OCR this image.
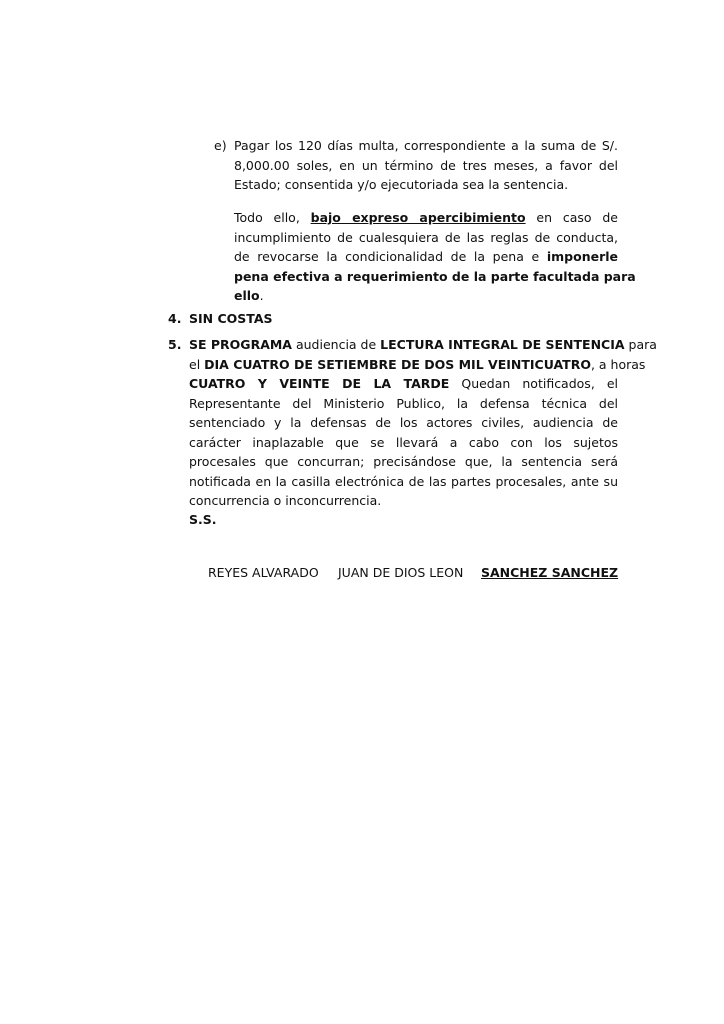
e) Pagar los 120 días multa, correspondiente a la suma de S/.
8,000.00 soles, en un término de tres meses, a favor del
Estado; consentida y/o ejecutoriada sea la sentencia.
Todo ello, bajo expreso apercibimiento en caso de
incumplimiento de cualesquiera de las reglas de conducta,
de revocarse la condicionalidad de la pena e imponerle
pena efectiva a requerimiento de la parte facultada para
ello.
4. SIN COSTAS
5. SE PROGRAMA audiencia de LECTURA INTEGRAL DE SENTENCIA para
el DIA CUATRO DE SETIEMBRE DE DOS MIL VEINTICUATRO, a horas
CUATRO Y VEINTE DE LA TARDE Quedan notificados, el
Representante del Ministerio Publico, la defensa técnica del
sentenciado y la defensas de los actores civiles, audiencia de
carácter inaplazable que se llevará a cabo con los sujetos
procesales que concurran; precisándose que, la sentencia será
notificada en la casilla electrónica de las partes procesales, ante su
concurrencia o inconcurrencia.
S.S.
REYES ALVARADO JUAN DE DIOS LEON SANCHEZ SANCHEZ
